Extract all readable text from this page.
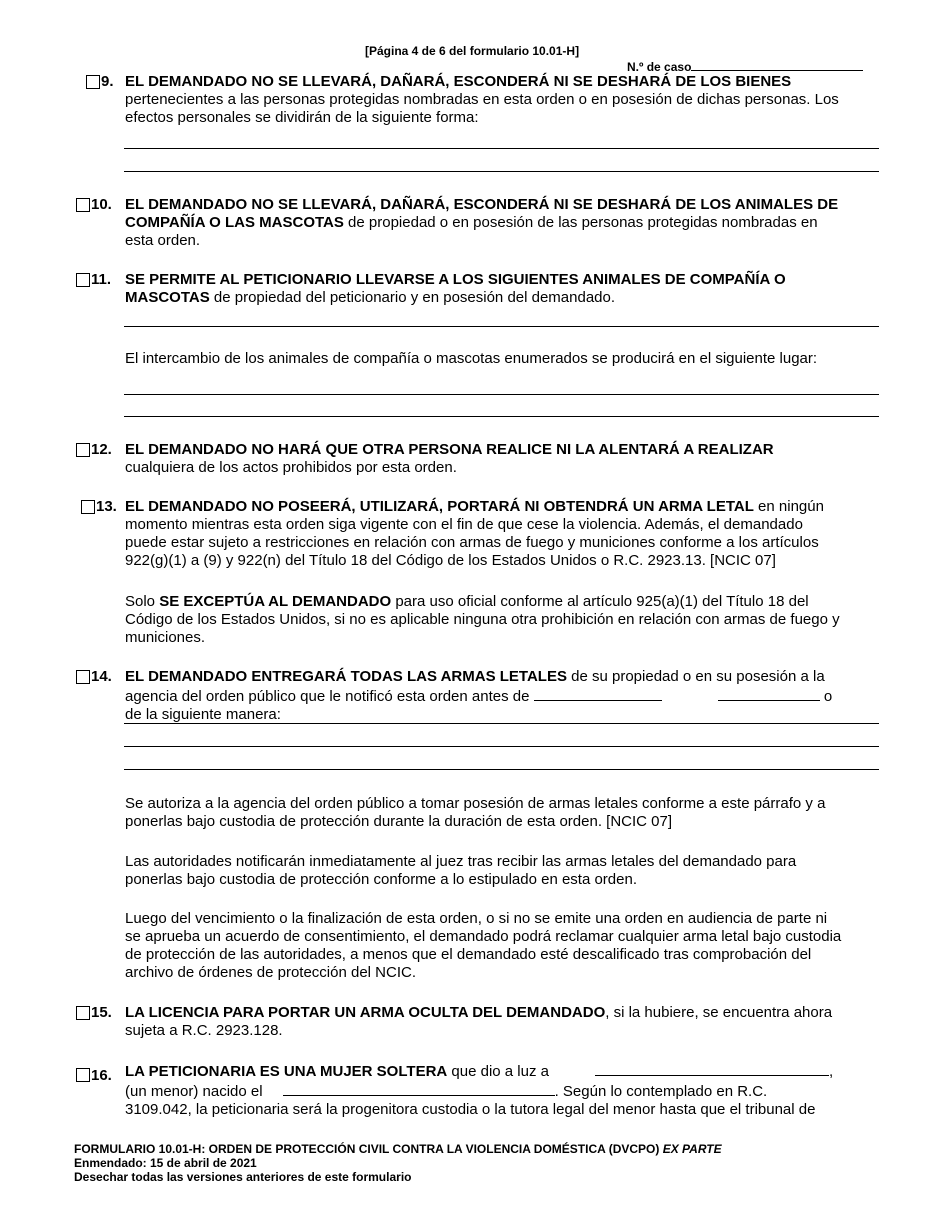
[Página 4 de 6 del formulario 10.01-H]
N.º de caso
9. EL DEMANDADO NO SE LLEVARÁ, DAÑARÁ, ESCONDERÁ NI SE DESHARÁ DE LOS BIENES
pertenecientes a las personas protegidas nombradas en esta orden o en posesión de dichas personas. Los
efectos personales se dividirán de la siguiente forma:
10. EL DEMANDADO NO SE LLEVARÁ, DAÑARÁ, ESCONDERÁ NI SE DESHARÁ DE LOS ANIMALES DE
COMPAÑÍA O LAS MASCOTAS de propiedad o en posesión de las personas protegidas nombradas en
esta orden.
11. SE PERMITE AL PETICIONARIO LLEVARSE A LOS SIGUIENTES ANIMALES DE COMPAÑÍA O
MASCOTAS de propiedad del peticionario y en posesión del demandado.
El intercambio de los animales de compañía o mascotas enumerados se producirá en el siguiente lugar:
12. EL DEMANDADO NO HARÁ QUE OTRA PERSONA REALICE NI LA ALENTARÁ A REALIZAR
cualquiera de los actos prohibidos por esta orden.
13. EL DEMANDADO NO POSEERÁ, UTILIZARÁ, PORTARÁ NI OBTENDRÁ UN ARMA LETAL en ningún
momento mientras esta orden siga vigente con el fin de que cese la violencia. Además, el demandado
puede estar sujeto a restricciones en relación con armas de fuego y municiones conforme a los artículos
922(g)(1) a (9) y 922(n) del Título 18 del Código de los Estados Unidos o R.C. 2923.13. [NCIC 07]
Solo SE EXCEPTÚA AL DEMANDADO para uso oficial conforme al artículo 925(a)(1) del Título 18 del
Código de los Estados Unidos, si no es aplicable ninguna otra prohibición en relación con armas de fuego y
municiones.
14. EL DEMANDADO ENTREGARÁ TODAS LAS ARMAS LETALES de su propiedad o en su posesión a la
agencia del orden público que le notificó esta orden antes de	o
de la siguiente manera:
Se autoriza a la agencia del orden público a tomar posesión de armas letales conforme a este párrafo y a
ponerlas bajo custodia de protección durante la duración de esta orden. [NCIC 07]
Las autoridades notificarán inmediatamente al juez tras recibir las armas letales del demandado para
ponerlas bajo custodia de protección conforme a lo estipulado en esta orden.
Luego del vencimiento o la finalización de esta orden, o si no se emite una orden en audiencia de parte ni
se aprueba un acuerdo de consentimiento, el demandado podrá reclamar cualquier arma letal bajo custodia
de protección de las autoridades, a menos que el demandado esté descalificado tras comprobación del
archivo de órdenes de protección del NCIC.
15. LA LICENCIA PARA PORTAR UN ARMA OCULTA DEL DEMANDADO, si la hubiere, se encuentra ahora
sujeta a R.C. 2923.128.
16. LA PETICIONARIA ES UNA MUJER SOLTERA que dio a luz a	,
(un menor) nacido el	. Según lo contemplado en R.C.
3109.042, la peticionaria será la progenitora custodia o la tutora legal del menor hasta que el tribunal de
FORMULARIO 10.01-H: ORDEN DE PROTECCIÓN CIVIL CONTRA LA VIOLENCIA DOMÉSTICA (DVCPO) EX PARTE
Enmendado: 15 de abril de 2021
Desechar todas las versiones anteriores de este formulario
